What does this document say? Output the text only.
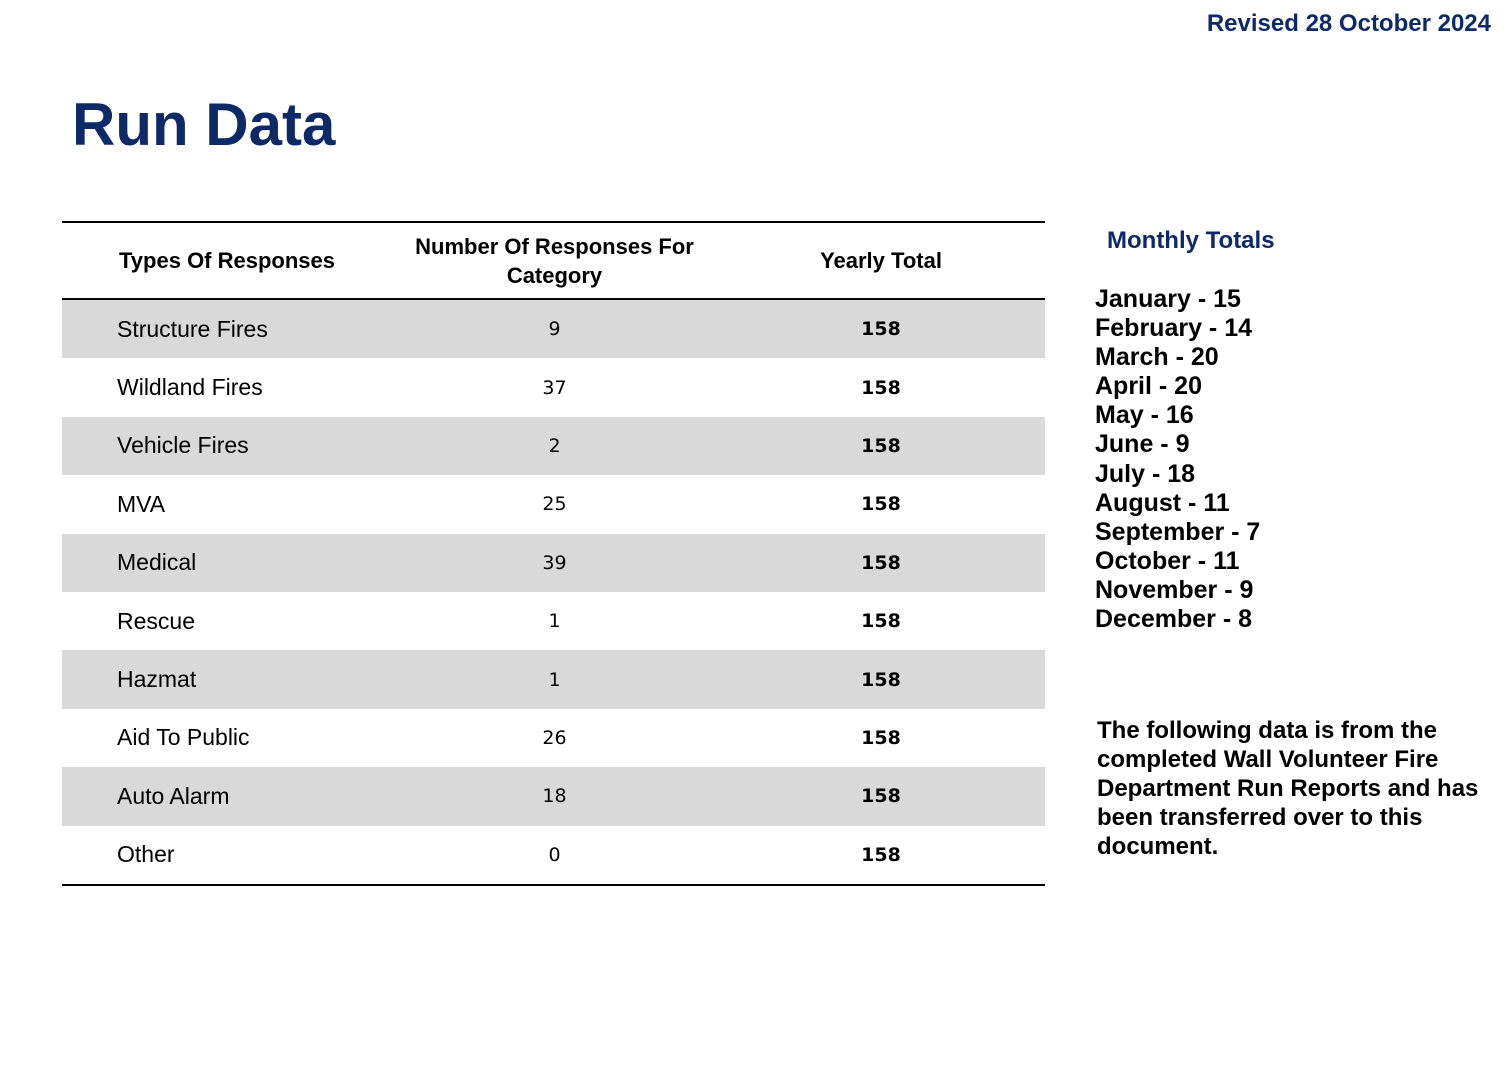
Revised 28 October 2024
Run Data
Types Of Responses	Number Of Responses For Category	Yearly Total
Structure Fires	9	158
Wildland Fires	37	158
Vehicle Fires	2	158
MVA	25	158
Medical	39	158
Rescue	1	158
Hazmat	1	158
Aid To Public	26	158
Auto Alarm	18	158
Other	0	158
Monthly Totals
January - 15
February - 14
March - 20
April - 20
May - 16
June - 9
July - 18
August - 11
September - 7
October - 11
November - 9
December - 8

The following data is from the completed Wall Volunteer Fire Department Run Reports and has been transferred over to this document.
